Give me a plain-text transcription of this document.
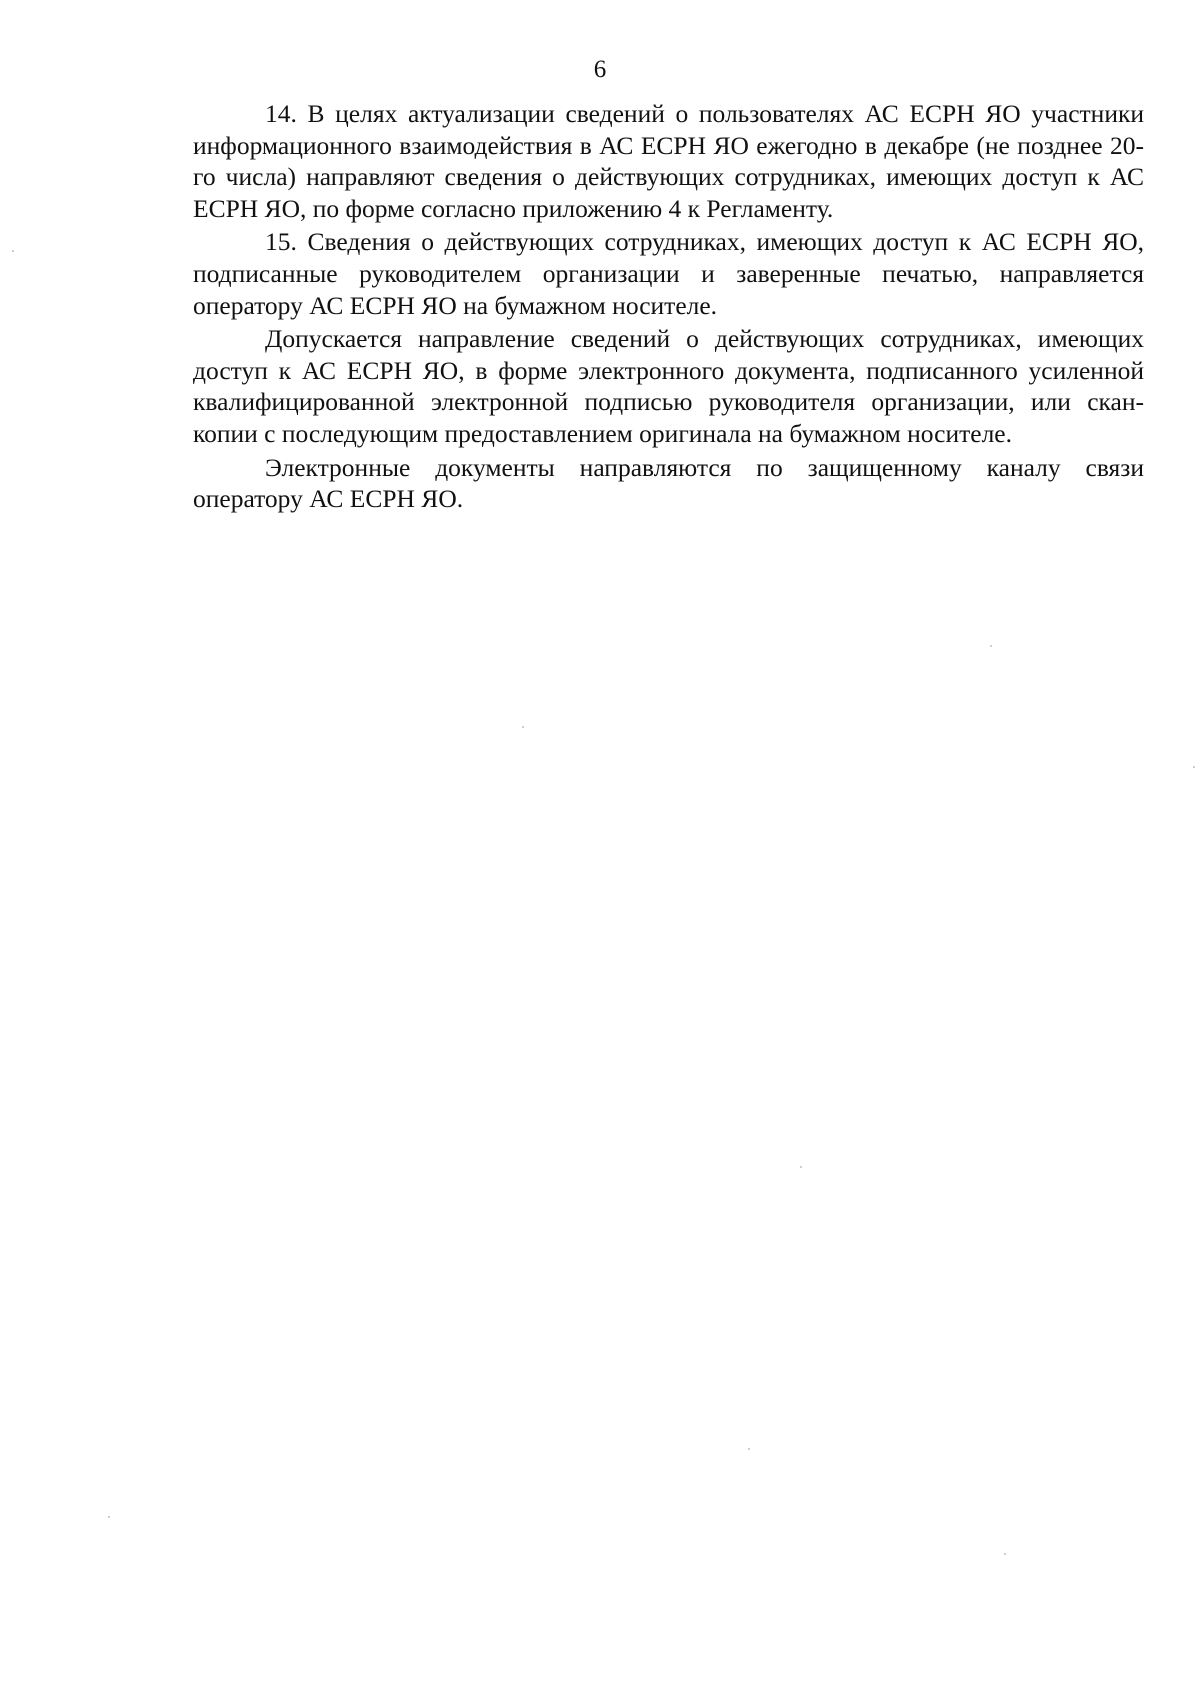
6

14. В целях актуализации сведений о пользователях АС ЕСРН ЯО участники информационного взаимодействия в АС ЕСРН ЯО ежегодно в декабре (не позднее 20-го числа) направляют сведения о действующих сотрудниках, имеющих доступ к АС ЕСРН ЯО, по форме согласно приложению 4 к Регламенту.

15. Сведения о действующих сотрудниках, имеющих доступ к АС ЕСРН ЯО, подписанные руководителем организации и заверенные печатью, направляется оператору АС ЕСРН ЯО на бумажном носителе.

Допускается направление сведений о действующих сотрудниках, имеющих доступ к АС ЕСРН ЯО, в форме электронного документа, подписанного усиленной квалифицированной электронной подписью руководителя организации, или скан-копии с последующим предоставлением оригинала на бумажном носителе.

Электронные документы направляются по защищенному каналу связи оператору АС ЕСРН ЯО.
